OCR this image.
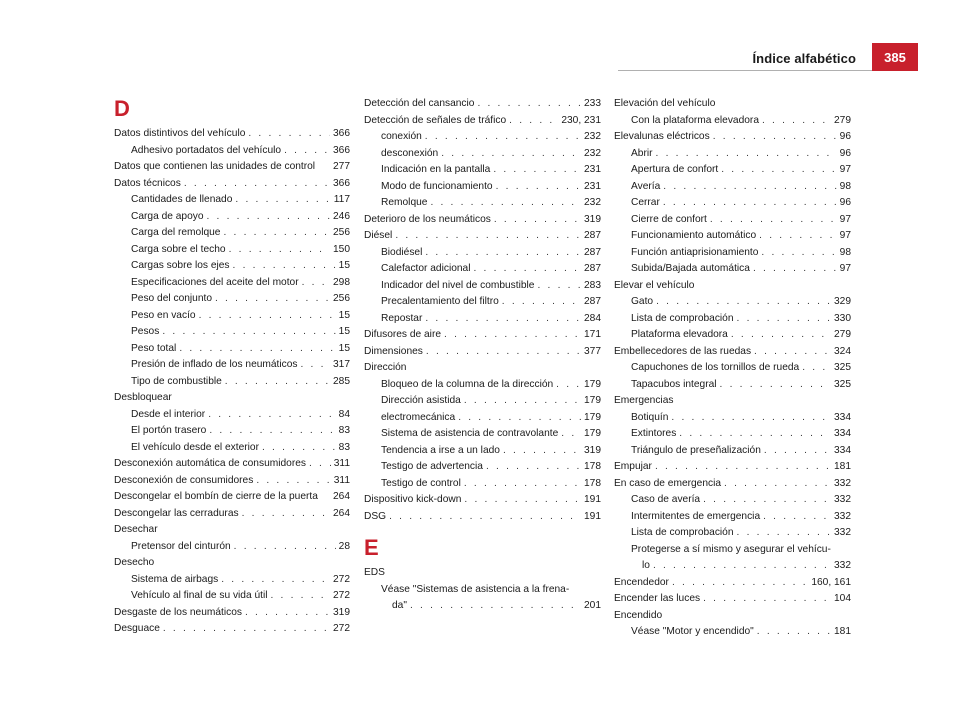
Índice alfabético	385
D
Datos distintivos del vehículo . . .	366
Adhesivo portadatos del vehículo . . .	366
Datos que contienen las unidades de control 277
Datos técnicos . . .	366
Cantidades de llenado . . .	117
Carga de apoyo . . .	246
Carga del remolque . . .	256
Carga sobre el techo . . .	150
Cargas sobre los ejes . . .	15
Especificaciones del aceite del motor . . .	298
Peso del conjunto . . .	256
Peso en vacío . . .	15
Pesos . . .	15
Peso total . . .	15
Presión de inflado de los neumáticos . . .	317
Tipo de combustible . . .	285
Desbloquear
Desde el interior . . .	84
El portón trasero . . .	83
El vehículo desde el exterior . . .	83
Desconexión automática de consumidores . . .	311
Desconexión de consumidores . . .	311
Descongelar el bombín de cierre de la puerta 264
Descongelar las cerraduras . . .	264
Desechar
Pretensor del cinturón . . .	28
Desecho
Sistema de airbags . . .	272
Vehículo al final de su vida útil . . .	272
Desgaste de los neumáticos . . .	319
Desguace . . .	272
Detección del cansancio . . .	233
Detección de señales de tráfico . . .	230, 231
conexión . . .	232
desconexión . . .	232
Indicación en la pantalla . . .	231
Modo de funcionamiento . . .	231
Remolque . . .	232
Deterioro de los neumáticos . . .	319
Diésel . . .	287
Biodiésel . . .	287
Calefactor adicional . . .	287
Indicador del nivel de combustible . . .	283
Precalentamiento del filtro . . .	287
Repostar . . .	284
Difusores de aire . . .	171
Dimensiones . . .	377
Dirección
Bloqueo de la columna de la dirección . . .	179
Dirección asistida . . .	179
electromecánica . . .	179
Sistema de asistencia de contravolante . . .	179
Tendencia a irse a un lado . . .	319
Testigo de advertencia . . .	178
Testigo de control . . .	178
Dispositivo kick-down . . .	191
DSG . . .	191
E
EDS
Véase "Sistemas de asistencia a la frena-
da" . . .	201
Elevación del vehículo
Con la plataforma elevadora . . .	279
Elevalunas eléctricos . . .	96
Abrir . . .	96
Apertura de confort . . .	97
Avería . . .	98
Cerrar . . .	96
Cierre de confort . . .	97
Funcionamiento automático . . .	97
Función antiaprisionamiento . . .	98
Subida/Bajada automática . . .	97
Elevar el vehículo
Gato . . .	329
Lista de comprobación . . .	330
Plataforma elevadora . . .	279
Embellecedores de las ruedas . . .	324
Capuchones de los tornillos de rueda . . .	325
Tapacubos integral . . .	325
Emergencias
Botiquín . . .	334
Extintores . . .	334
Triángulo de preseñalización . . .	334
Empujar . . .	181
En caso de emergencia . . .	332
Caso de avería . . .	332
Intermitentes de emergencia . . .	332
Lista de comprobación . . .	332
Protegerse a sí mismo y asegurar el vehícu-
lo . . .	332
Encendedor . . .	160, 161
Encender las luces . . .	104
Encendido
Véase "Motor y encendido" . . .	181
